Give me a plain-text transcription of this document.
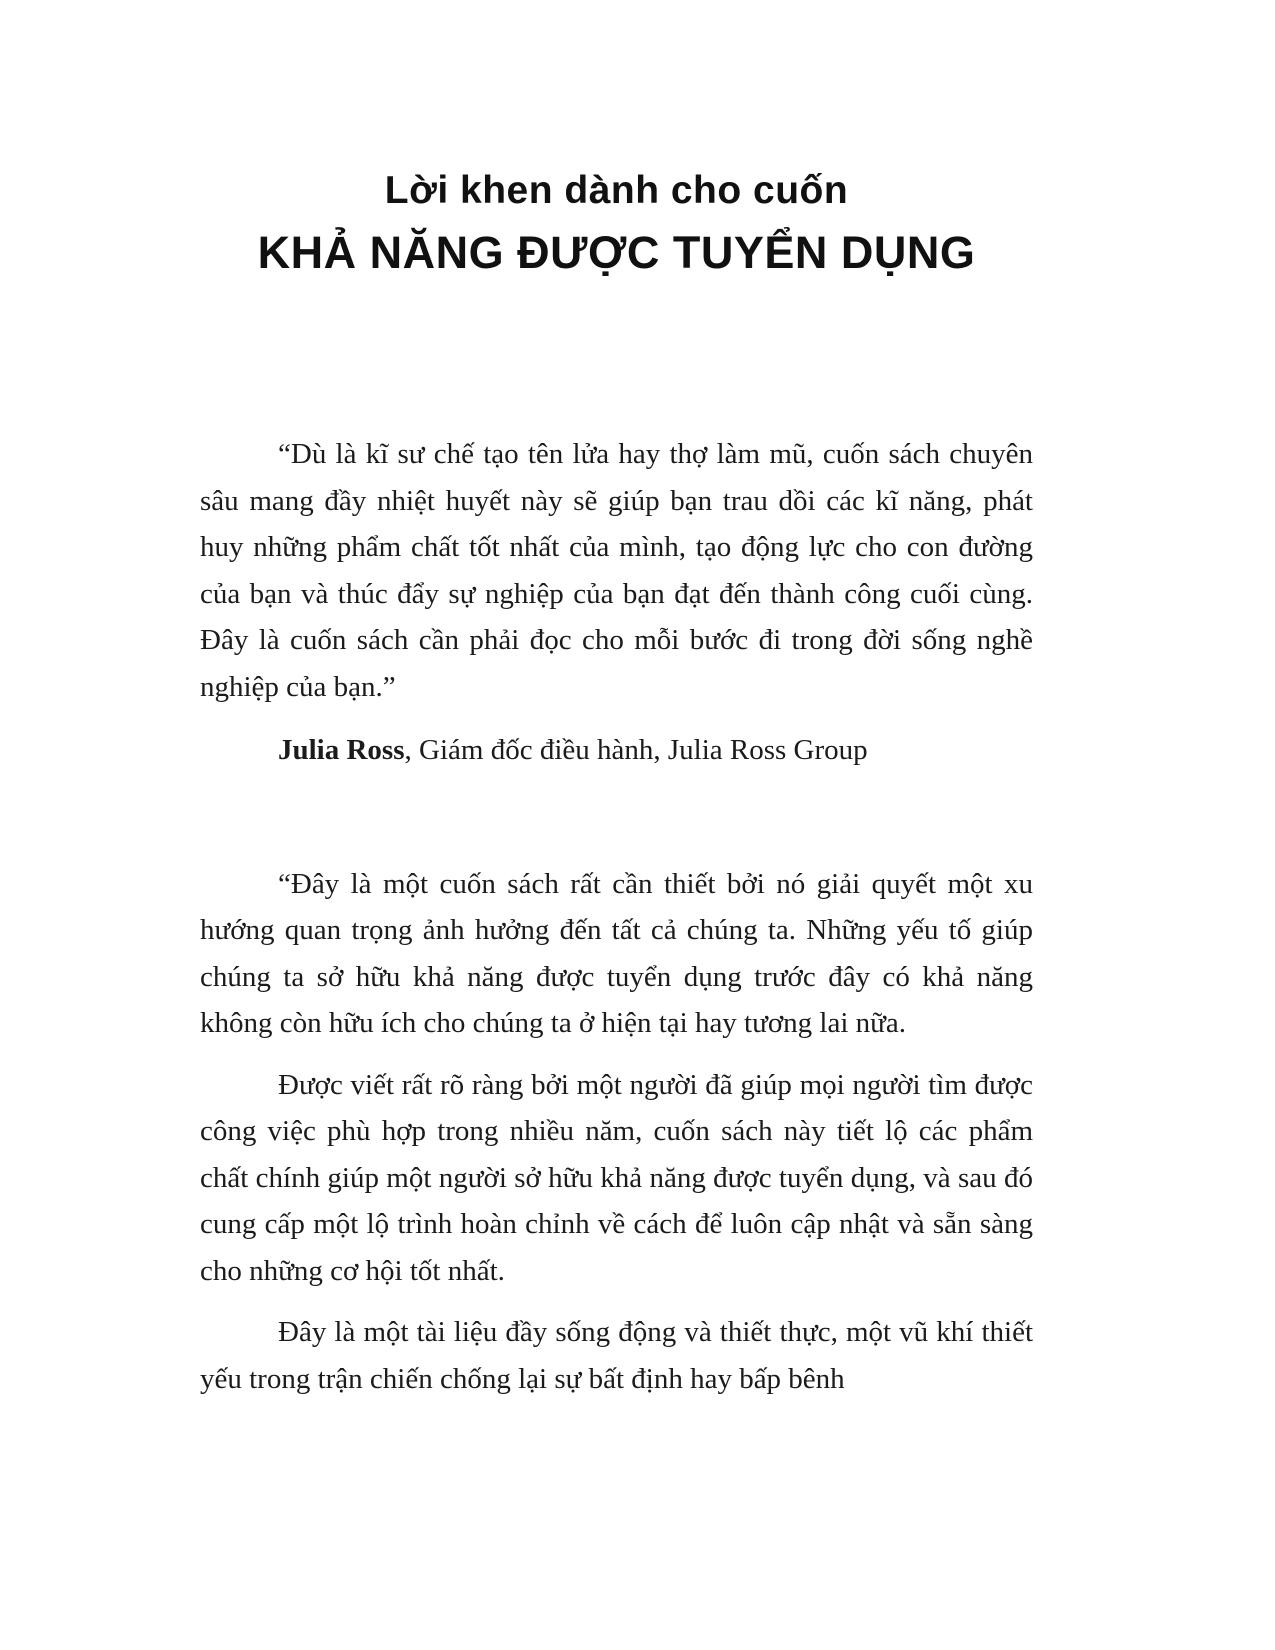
Lời khen dành cho cuốn
KHẢ NĂNG ĐƯỢC TUYỂN DỤNG

“Dù là kĩ sư chế tạo tên lửa hay thợ làm mũ, cuốn sách chuyên sâu mang đầy nhiệt huyết này sẽ giúp bạn trau dồi các kĩ năng, phát huy những phẩm chất tốt nhất của mình, tạo động lực cho con đường của bạn và thúc đẩy sự nghiệp của bạn đạt đến thành công cuối cùng. Đây là cuốn sách cần phải đọc cho mỗi bước đi trong đời sống nghề nghiệp của bạn.”

Julia Ross, Giám đốc điều hành, Julia Ross Group

“Đây là một cuốn sách rất cần thiết bởi nó giải quyết một xu hướng quan trọng ảnh hưởng đến tất cả chúng ta. Những yếu tố giúp chúng ta sở hữu khả năng được tuyển dụng trước đây có khả năng không còn hữu ích cho chúng ta ở hiện tại hay tương lai nữa.

Được viết rất rõ ràng bởi một người đã giúp mọi người tìm được công việc phù hợp trong nhiều năm, cuốn sách này tiết lộ các phẩm chất chính giúp một người sở hữu khả năng được tuyển dụng, và sau đó cung cấp một lộ trình hoàn chỉnh về cách để luôn cập nhật và sẵn sàng cho những cơ hội tốt nhất.

Đây là một tài liệu đầy sống động và thiết thực, một vũ khí thiết yếu trong trận chiến chống lại sự bất định hay bấp bênh
